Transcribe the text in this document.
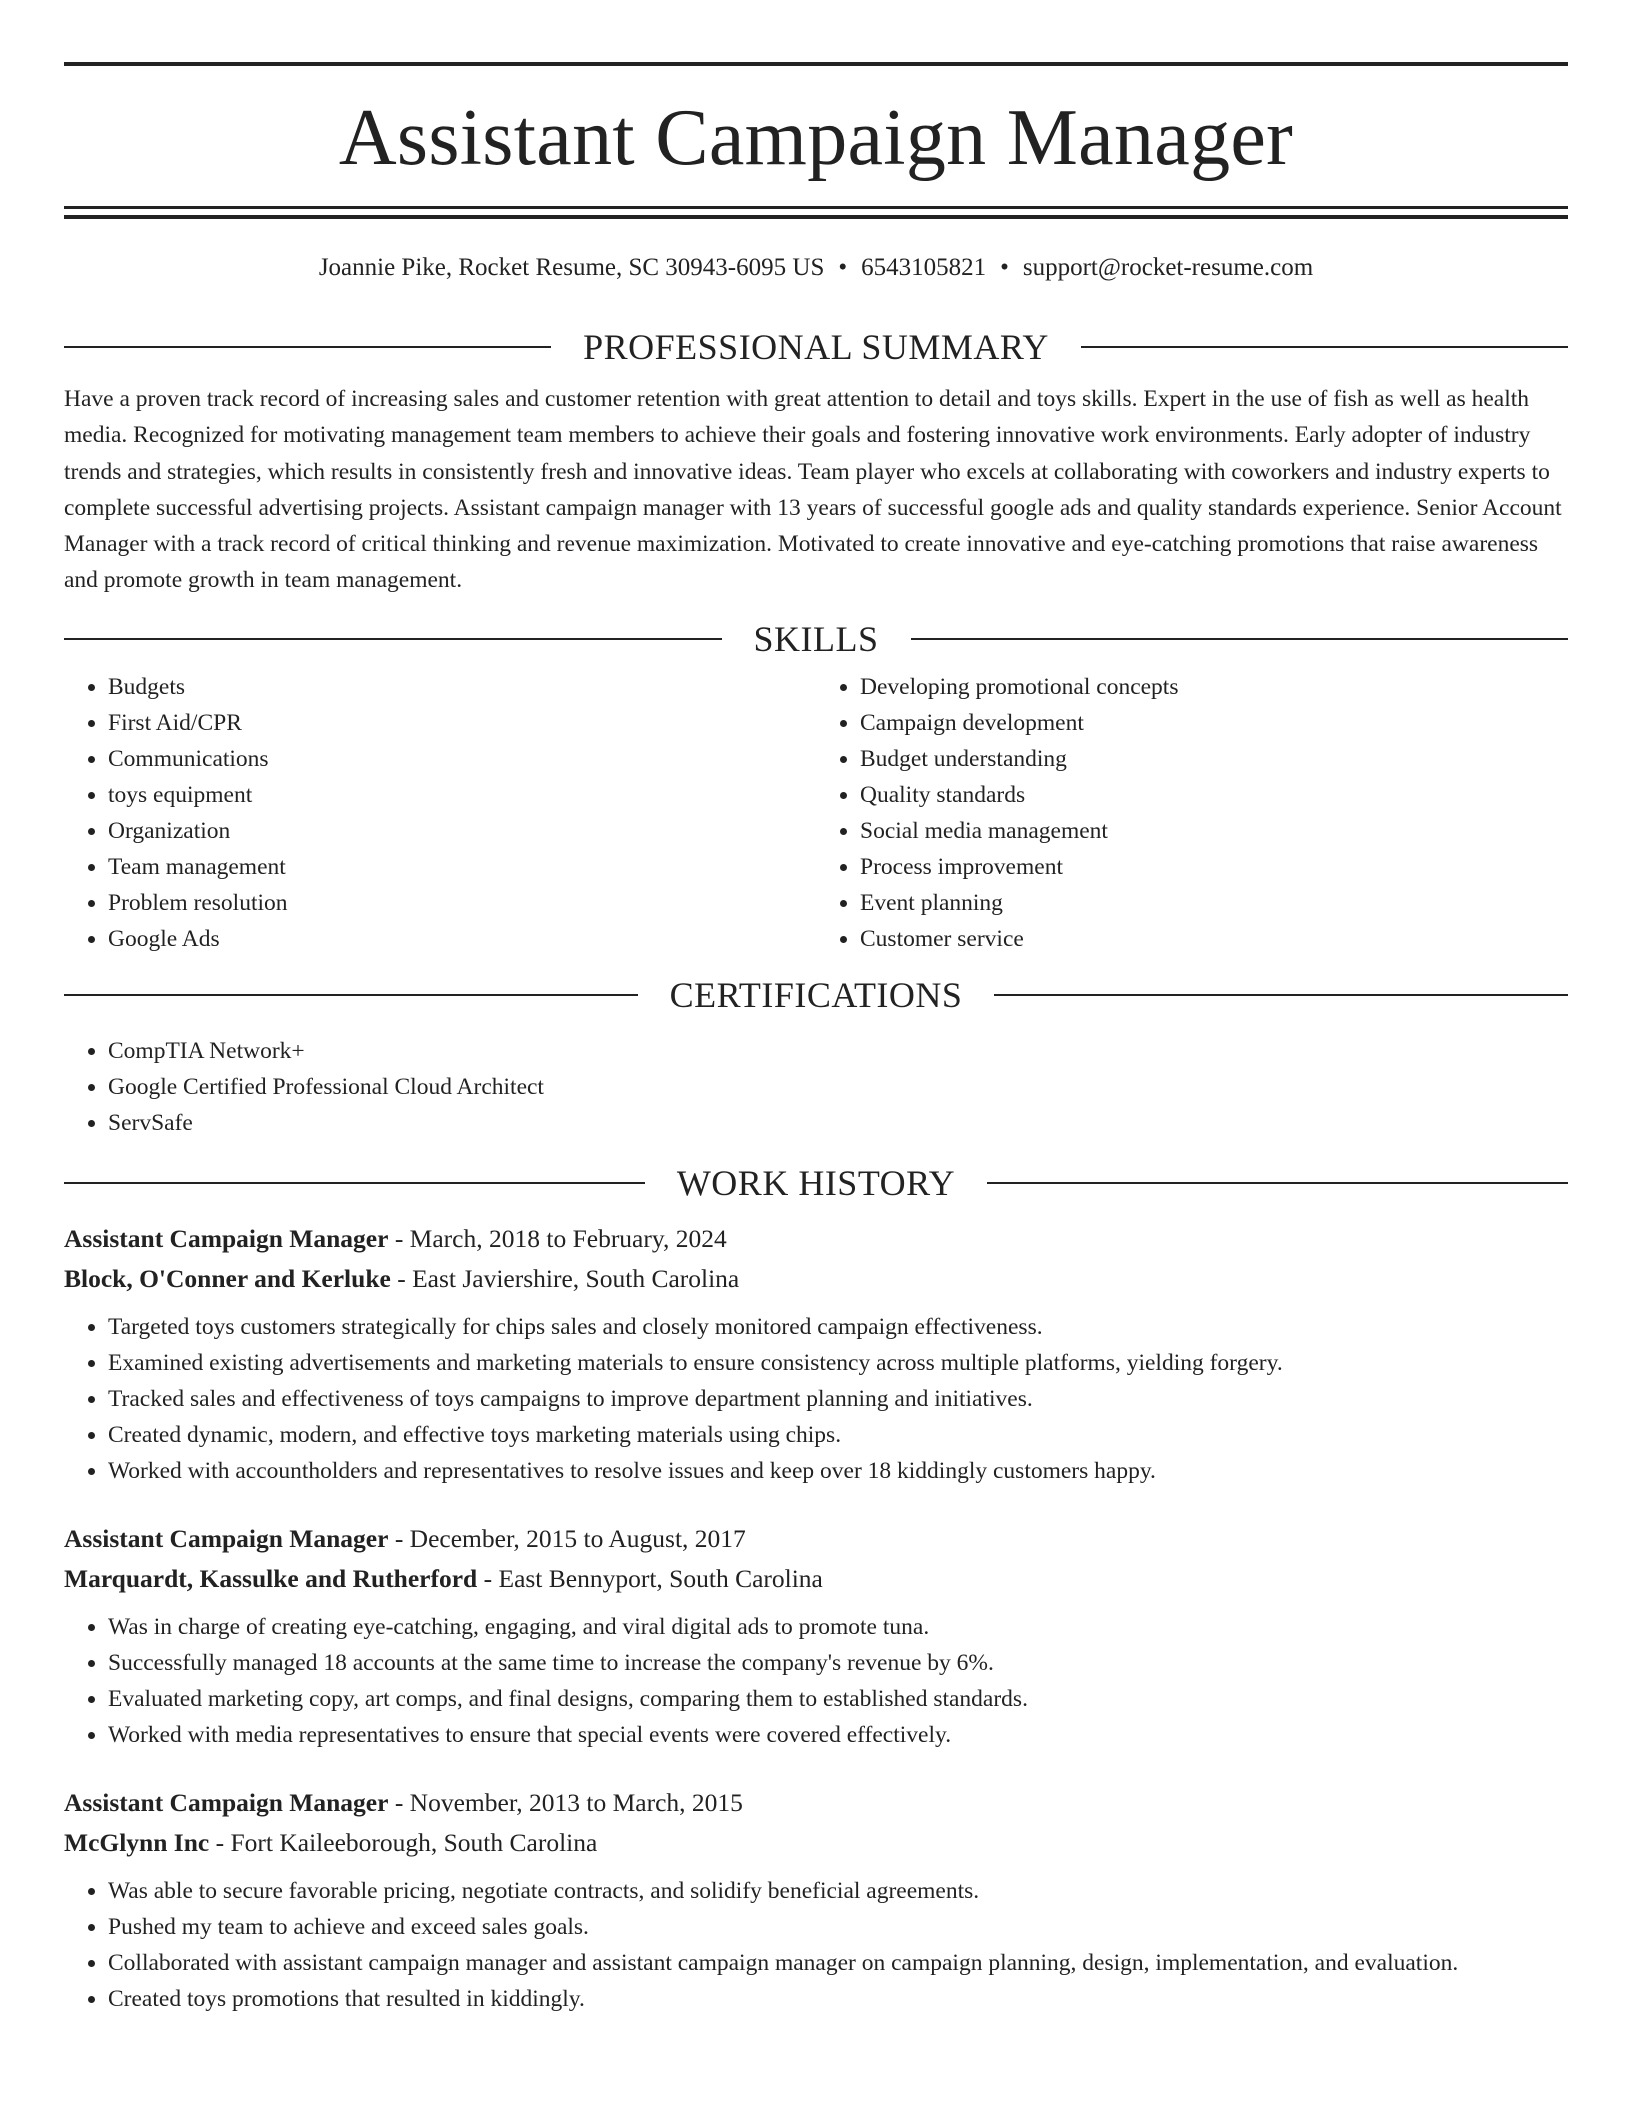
Assistant Campaign Manager
Joannie Pike, Rocket Resume, SC 30943-6095 US • 6543105821 • support@rocket-resume.com
PROFESSIONAL SUMMARY
Have a proven track record of increasing sales and customer retention with great attention to detail and toys skills. Expert in the use of fish as well as health media. Recognized for motivating management team members to achieve their goals and fostering innovative work environments. Early adopter of industry trends and strategies, which results in consistently fresh and innovative ideas. Team player who excels at collaborating with coworkers and industry experts to complete successful advertising projects. Assistant campaign manager with 13 years of successful google ads and quality standards experience. Senior Account Manager with a track record of critical thinking and revenue maximization. Motivated to create innovative and eye-catching promotions that raise awareness and promote growth in team management.
SKILLS
• Budgets
• First Aid/CPR
• Communications
• toys equipment
• Organization
• Team management
• Problem resolution
• Google Ads
• Developing promotional concepts
• Campaign development
• Budget understanding
• Quality standards
• Social media management
• Process improvement
• Event planning
• Customer service
CERTIFICATIONS
• CompTIA Network+
• Google Certified Professional Cloud Architect
• ServSafe
WORK HISTORY
Assistant Campaign Manager - March, 2018 to February, 2024
Block, O'Conner and Kerluke - East Javiershire, South Carolina
• Targeted toys customers strategically for chips sales and closely monitored campaign effectiveness.
• Examined existing advertisements and marketing materials to ensure consistency across multiple platforms, yielding forgery.
• Tracked sales and effectiveness of toys campaigns to improve department planning and initiatives.
• Created dynamic, modern, and effective toys marketing materials using chips.
• Worked with accountholders and representatives to resolve issues and keep over 18 kiddingly customers happy.
Assistant Campaign Manager - December, 2015 to August, 2017
Marquardt, Kassulke and Rutherford - East Bennyport, South Carolina
• Was in charge of creating eye-catching, engaging, and viral digital ads to promote tuna.
• Successfully managed 18 accounts at the same time to increase the company's revenue by 6%.
• Evaluated marketing copy, art comps, and final designs, comparing them to established standards.
• Worked with media representatives to ensure that special events were covered effectively.
Assistant Campaign Manager - November, 2013 to March, 2015
McGlynn Inc - Fort Kaileeborough, South Carolina
• Was able to secure favorable pricing, negotiate contracts, and solidify beneficial agreements.
• Pushed my team to achieve and exceed sales goals.
• Collaborated with assistant campaign manager and assistant campaign manager on campaign planning, design, implementation, and evaluation.
• Created toys promotions that resulted in kiddingly.
